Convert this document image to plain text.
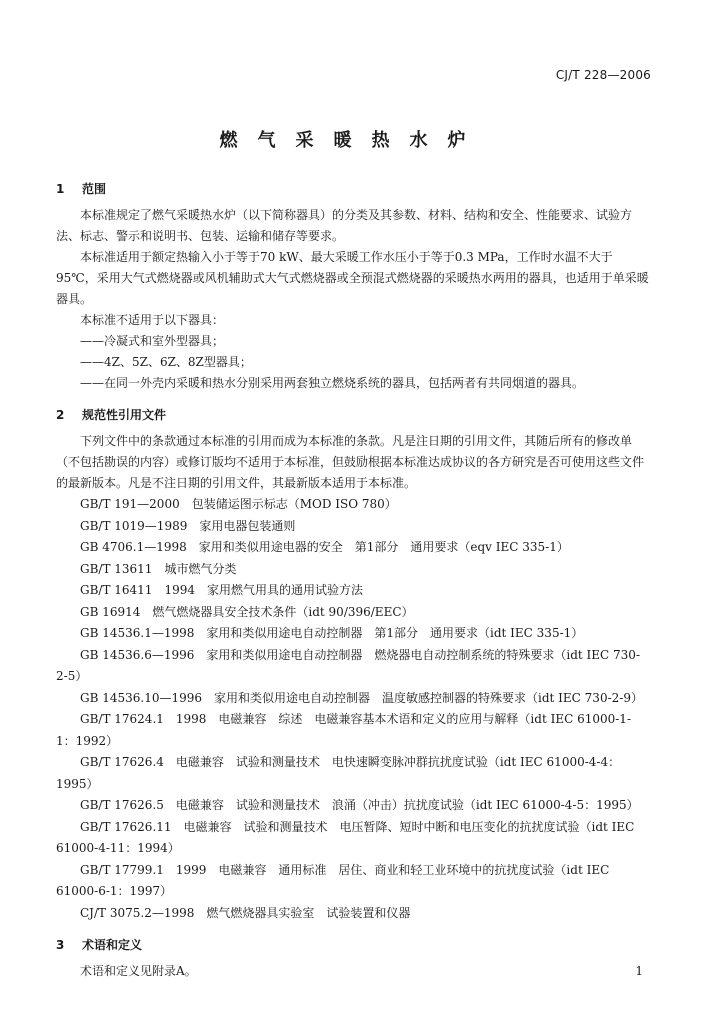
CJ/T 228—2006
燃气采暖热水炉
1 范围

本标准规定了燃气采暖热水炉（以下简称器具）的分类及其参数、材料、结构和安全、性能要求、试验方法、标志、警示和说明书、包装、运输和储存等要求。

本标准适用于额定热输入小于等于70 kW、最大采暖工作水压小于等于0.3 MPa，工作时水温不大于95℃，采用大气式燃烧器或风机辅助式大气式燃烧器或全预混式燃烧器的采暖热水两用的器具，也适用于单采暖器具。

本标准不适用于以下器具：

——冷凝式和室外型器具；

——4Z、5Z、6Z、8Z型器具；

——在同一外壳内采暖和热水分别采用两套独立燃烧系统的器具，包括两者有共同烟道的器具。

2 规范性引用文件

下列文件中的条款通过本标准的引用而成为本标准的条款。凡是注日期的引用文件，其随后所有的修改单（不包括勘误的内容）或修订版均不适用于本标准，但鼓励根据本标准达成协议的各方研究是否可使用这些文件的最新版本。凡是不注日期的引用文件，其最新版本适用于本标准。

GB/T 191—2000　包装储运图示标志（MOD ISO 780）

GB/T 1019—1989　家用电器包装通则

GB 4706.1—1998　家用和类似用途电器的安全　第1部分　通用要求（eqv IEC 335-1）

GB/T 13611　城市燃气分类

GB/T 16411　1994　家用燃气用具的通用试验方法

GB 16914　燃气燃烧器具安全技术条件（idt 90/396/EEC）

GB 14536.1—1998　家用和类似用途电自动控制器　第1部分　通用要求（idt IEC 335-1）

GB 14536.6—1996　家用和类似用途电自动控制器　燃烧器电自动控制系统的特殊要求（idt IEC 730-2-5）

GB 14536.10—1996　家用和类似用途电自动控制器　温度敏感控制器的特殊要求（idt IEC 730-2-9）

GB/T 17624.1　1998　电磁兼容　综述　电磁兼容基本术语和定义的应用与解释（idt IEC 61000-1-1：1992）

GB/T 17626.4　电磁兼容　试验和测量技术　电快速瞬变脉冲群抗扰度试验（idt IEC 61000-4-4：1995）

GB/T 17626.5　电磁兼容　试验和测量技术　浪涌（冲击）抗扰度试验（idt IEC 61000-4-5：1995）

GB/T 17626.11　电磁兼容　试验和测量技术　电压暂降、短时中断和电压变化的抗扰度试验（idt IEC 61000-4-11：1994）

GB/T 17799.1　1999　电磁兼容　通用标准　居住、商业和轻工业环境中的抗扰度试验（idt IEC 61000-6-1：1997）

CJ/T 3075.2—1998　燃气燃烧器具实验室　试验装置和仪器

3 术语和定义

术语和定义见附录A。	1
